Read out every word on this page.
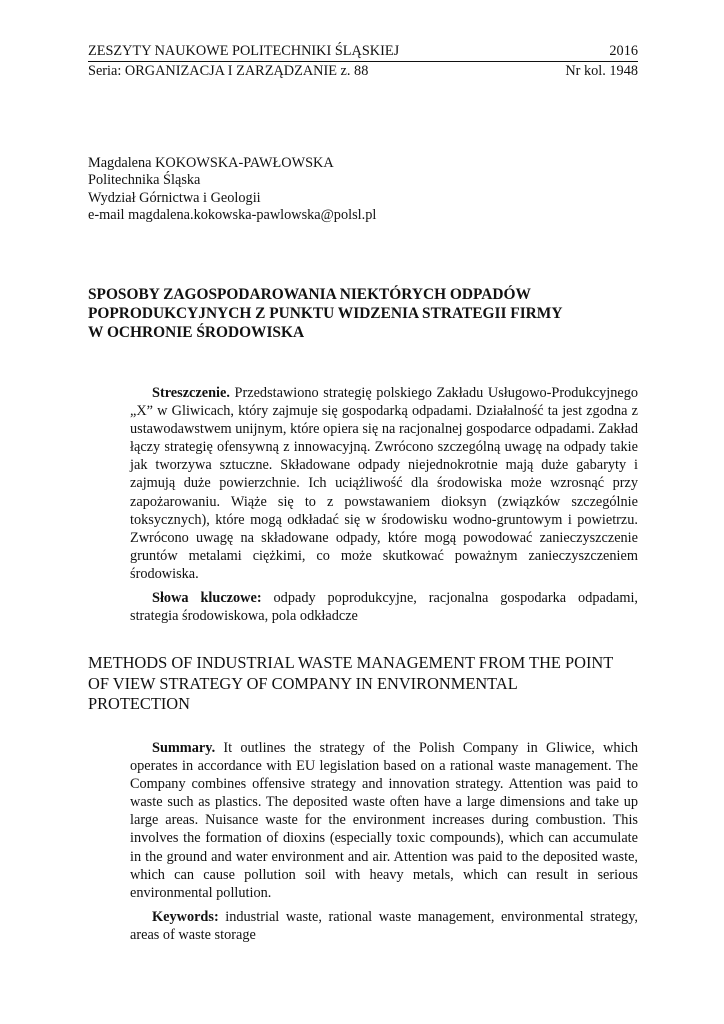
ZESZYTY NAUKOWE POLITECHNIKI ŚLĄSKIEJ	2016
Seria: ORGANIZACJA I ZARZĄDZANIE z. 88	Nr kol. 1948
Magdalena KOKOWSKA-PAWŁOWSKA
Politechnika Śląska
Wydział Górnictwa i Geologii
e-mail magdalena.kokowska-pawlowska@polsl.pl
SPOSOBY ZAGOSPODAROWANIA NIEKTÓRYCH ODPADÓW
POPRODUKCYJNYCH Z PUNKTU WIDZENIA STRATEGII FIRMY
W OCHRONIE ŚRODOWISKA

Streszczenie. Przedstawiono strategię polskiego Zakładu Usługowo-Produkcyjnego „X” w Gliwicach, który zajmuje się gospodarką odpadami. Działalność ta jest zgodna z ustawodawstwem unijnym, które opiera się na racjonalnej gospodarce odpadami. Zakład łączy strategię ofensywną z innowacyjną. Zwrócono szczególną uwagę na odpady takie jak tworzywa sztuczne. Składowane odpady niejednokrotnie mają duże gabaryty i zajmują duże powierzchnie. Ich uciążliwość dla środowiska może wzrosnąć przy zapożarowaniu. Wiąże się to z powstawaniem dioksyn (związków szczególnie toksycznych), które mogą odkładać się w środowisku wodno-gruntowym i powietrzu. Zwrócono uwagę na składowane odpady, które mogą powodować zanieczyszczenie gruntów metalami ciężkimi, co może skutkować poważnym zanieczyszczeniem środowiska.

Słowa kluczowe: odpady poprodukcyjne, racjonalna gospodarka odpadami, strategia środowiskowa, pola odkładcze

METHODS OF INDUSTRIAL WASTE MANAGEMENT FROM THE POINT
OF VIEW STRATEGY OF COMPANY IN ENVIRONMENTAL
PROTECTION

Summary. It outlines the strategy of the Polish Company in Gliwice, which operates in accordance with EU legislation based on a rational waste management. The Company combines offensive strategy and innovation strategy. Attention was paid to waste such as plastics. The deposited waste often have a large dimensions and take up large areas. Nuisance waste for the environment increases during combustion. This involves the formation of dioxins (especially toxic compounds), which can accumulate in the ground and water environment and air. Attention was paid to the deposited waste, which can cause pollution soil with heavy metals, which can result in serious environmental pollution.

Keywords: industrial waste, rational waste management, environmental strategy, areas of waste storage
